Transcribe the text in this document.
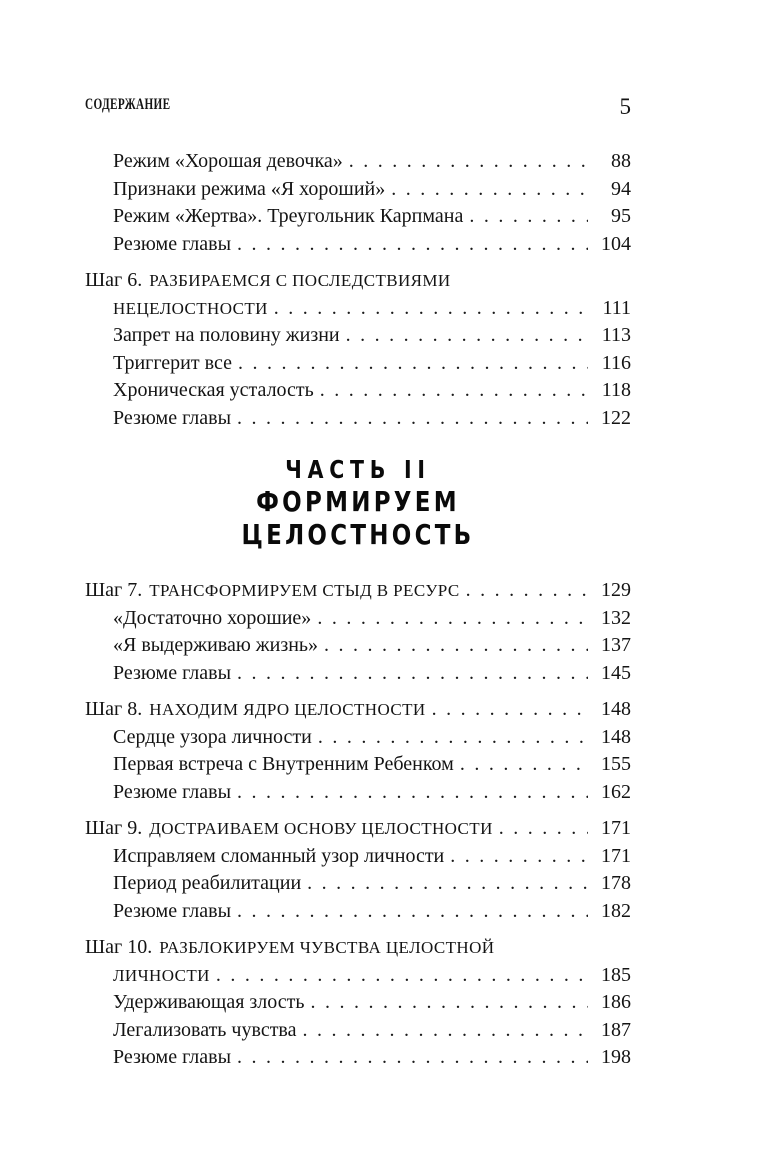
СОДЕРЖАНИЕ	5
Режим «Хорошая девочка» .....	88
Признаки режима «Я хороший» .....	94
Режим «Жертва». Треугольник Карпмана .....	95
Резюме главы .....	104
Шаг 6. РАЗБИРАЕМСЯ С ПОСЛЕДСТВИЯМИ
НЕЦЕЛОСТНОСТИ .....	111
Запрет на половину жизни .....	113
Триггерит все .....	116
Хроническая усталость .....	118
Резюме главы .....	122
ЧАСТЬ II
ФОРМИРУЕМ ЦЕЛОСТНОСТЬ
Шаг 7. ТРАНСФОРМИРУЕМ СТЫД В РЕСУРС .....	129
«Достаточно хорошие» .....	132
«Я выдерживаю жизнь» .....	137
Резюме главы .....	145
Шаг 8. НАХОДИМ ЯДРО ЦЕЛОСТНОСТИ .....	148
Сердце узора личности .....	148
Первая встреча с Внутренним Ребенком .....	155
Резюме главы .....	162
Шаг 9. ДОСТРАИВАЕМ ОСНОВУ ЦЕЛОСТНОСТИ .....	171
Исправляем сломанный узор личности .....	171
Период реабилитации .....	178
Резюме главы .....	182
Шаг 10. РАЗБЛОКИРУЕМ ЧУВСТВА ЦЕЛОСТНОЙ
ЛИЧНОСТИ .....	185
Удерживающая злость .....	186
Легализовать чувства .....	187
Резюме главы .....	198
